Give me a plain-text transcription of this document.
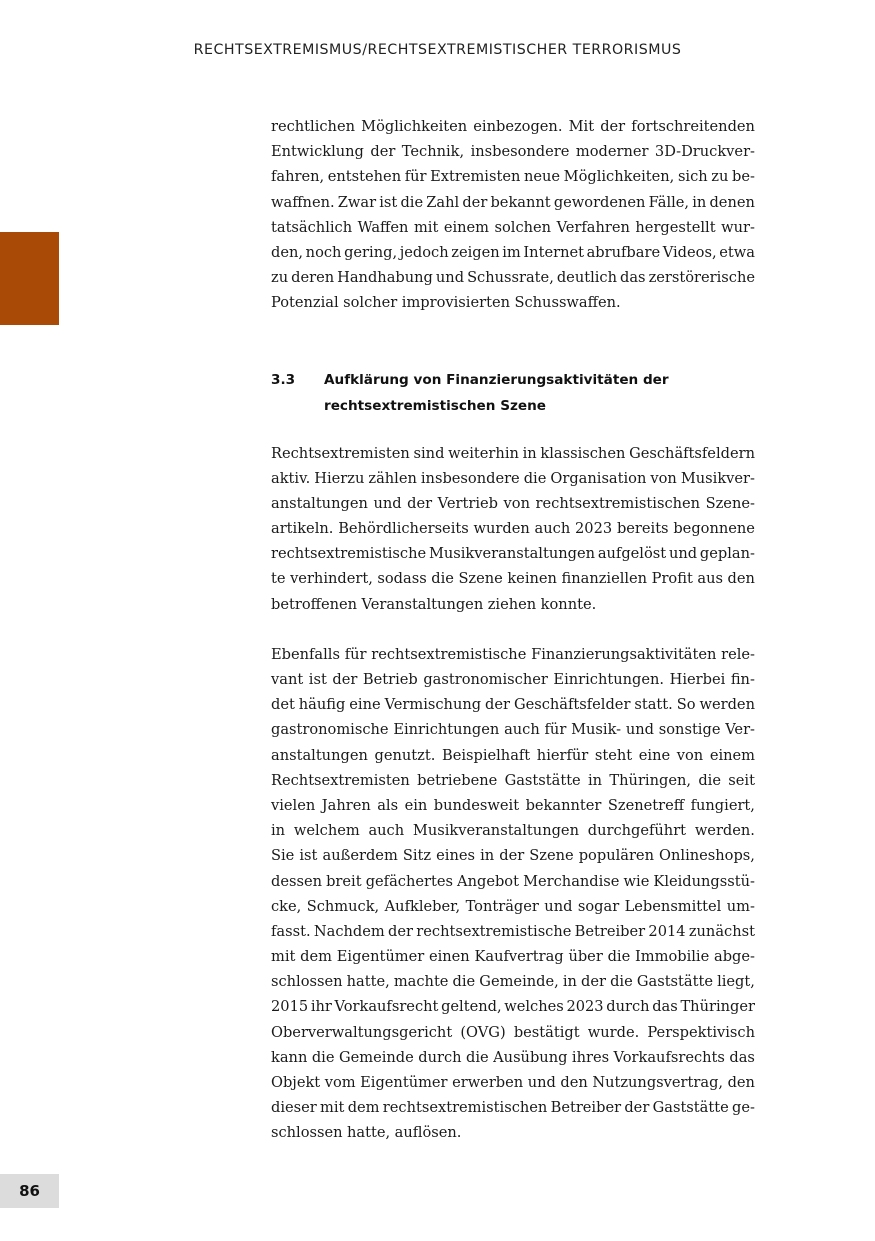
RECHTSEXTREMISMUS/RECHTSEXTREMISTISCHER TERRORISMUS
86
rechtlichen Möglichkeiten einbezogen. Mit der fortschreitenden
Entwicklung der Technik, insbesondere moderner 3D-Druckver-
fahren, entstehen für Extremisten neue Möglichkeiten, sich zu be-
waffnen. Zwar ist die Zahl der bekannt gewordenen Fälle, in denen
tatsächlich Waffen mit einem solchen Verfahren hergestellt wur-
den, noch gering, jedoch zeigen im Internet abrufbare Videos, etwa
zu deren Handhabung und Schussrate, deutlich das zerstörerische
Potenzial solcher improvisierten Schusswaffen.
3.3	Aufklärung von Finanzierungsaktivitäten der
rechtsextremistischen Szene
Rechtsextremisten sind weiterhin in klassischen Geschäftsfeldern
aktiv. Hierzu zählen insbesondere die Organisation von Musikver-
anstaltungen und der Vertrieb von rechtsextremistischen Szene-
artikeln. Behördlicherseits wurden auch 2023 bereits begonnene
rechtsextremistische Musikveranstaltungen aufgelöst und geplan-
te verhindert, sodass die Szene keinen finanziellen Profit aus den
betroffenen Veranstaltungen ziehen konnte.
Ebenfalls für rechtsextremistische Finanzierungsaktivitäten rele-
vant ist der Betrieb gastronomischer Einrichtungen. Hierbei fin-
det häufig eine Vermischung der Geschäftsfelder statt. So werden
gastronomische Einrichtungen auch für Musik- und sonstige Ver-
anstaltungen genutzt. Beispielhaft hierfür steht eine von einem
Rechtsextremisten betriebene Gaststätte in Thüringen, die seit
vielen Jahren als ein bundesweit bekannter Szenetreff fungiert,
in welchem auch Musikveranstaltungen durchgeführt werden.
Sie ist außerdem Sitz eines in der Szene populären Onlineshops,
dessen breit gefächertes Angebot Merchandise wie Kleidungsstü-
cke, Schmuck, Aufkleber, Tonträger und sogar Lebensmittel um-
fasst. Nachdem der rechtsextremistische Betreiber 2014 zunächst
mit dem Eigentümer einen Kaufvertrag über die Immobilie abge-
schlossen hatte, machte die Gemeinde, in der die Gaststätte liegt,
2015 ihr Vorkaufsrecht geltend, welches 2023 durch das Thüringer
Oberverwaltungsgericht (OVG) bestätigt wurde. Perspektivisch
kann die Gemeinde durch die Ausübung ihres Vorkaufsrechts das
Objekt vom Eigentümer erwerben und den Nutzungsvertrag, den
dieser mit dem rechtsextremistischen Betreiber der Gaststätte ge-
schlossen hatte, auflösen.
